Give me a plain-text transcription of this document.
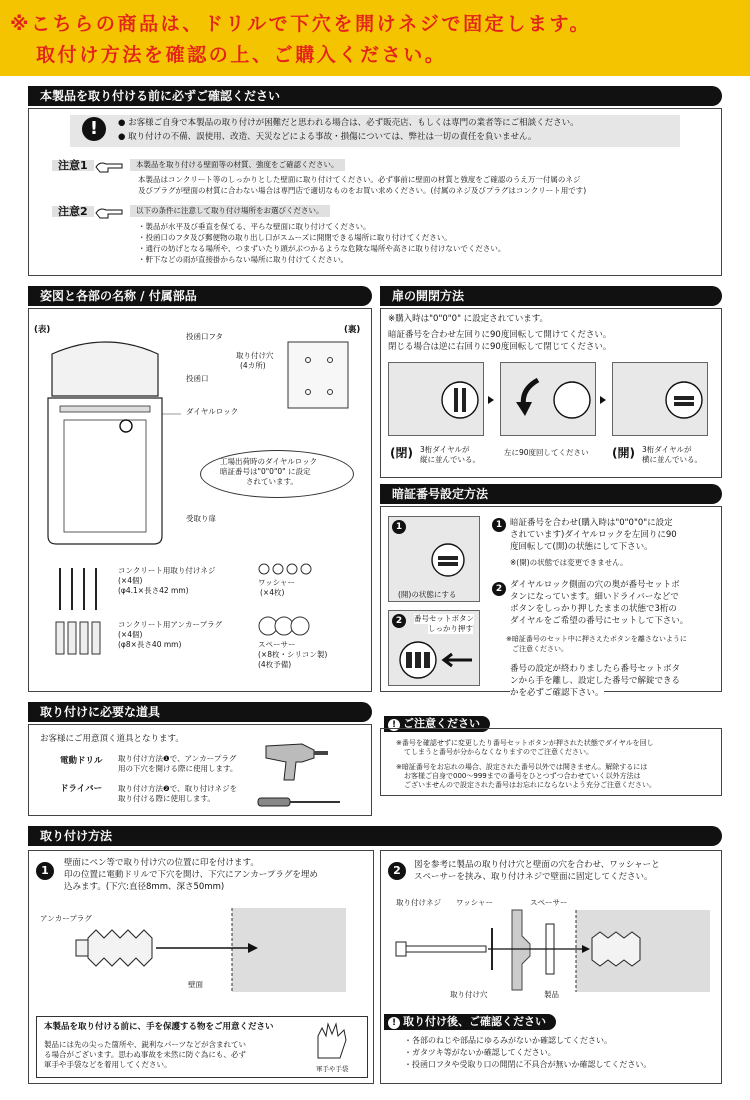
※こちらの商品は、ドリルで下穴を開けネジで固定します。
取付け方法を確認の上、ご購入ください。
本製品を取り付ける前に必ずご確認ください
!	● お客様ご自身で本製品の取り付けが困難だと思われる場合は、必ず販売店、もしくは専門の業者等にご相談ください。
● 取り付けの不備、誤使用、改造、天災などによる事故・損傷については、弊社は一切の責任を負いません。
注意1	本製品を取り付ける壁面等の材質、強度をご確認ください。
本製品はコンクリート等のしっかりとした壁面に取り付けてください。必ず事前に壁面の材質と強度をご確認のうえ万一付属のネジ
及びプラグが壁面の材質に合わない場合は専門店で適切なものをお買い求めください。(付属のネジ及びプラグはコンクリート用です)
注意2	以下の条件に注意して取り付け場所をお選びください。
・製品が水平及び垂直を保てる、平らな壁面に取り付けてください。
・投函口のフタ及び郵便物の取り出し口がスムーズに開閉できる場所に取り付けてください。
・通行の妨げとなる場所や、つまずいたり頭がぶつかるような危険な場所や高さに取り付けないでください。
・軒下などの雨が直接掛からない場所に取り付けてください。
姿図と各部の名称 / 付属部品
(表)	(裏)
投函口フタ
投函口
ダイヤルロック
受取り扉
取り付け穴
(4カ所)
工場出荷時のダイヤルロック
暗証番号は"0"0"0" に設定
されています。
コンクリート用取り付けネジ
(×4個)
(φ4.1×長さ42 mm)
ワッシャー
(×4枚)
コンクリート用アンカープラグ
(×4個)
(φ8×長さ40 mm)	スペーサー
(×8枚・シリコン製)
(4枚予備)
扉の開閉方法
※購入時は"0"0"0" に設定されています。
暗証番号を合わせ左回りに90度回転して開けてください。
閉じる場合は逆に右回りに90度回転して閉じてください。
(閉) 3桁ダイヤルが
縦に並んでいる。
左に90度回してください (開) 3桁ダイヤルが
横に並んでいる。
暗証番号設定方法
1
(開)の状態にする
2	番号セットボタン
しっかり押す
1 暗証番号を合わせ(購入時は"0"0"0"に設定
されています)ダイヤルロックを左回りに90
度回転して(開)の状態にして下さい。
※(開)の状態では変更できません。
2 ダイヤルロック側面の穴の奥が番号セットボ
タンになっています。細いドライバーなどで
ボタンをしっかり押したままの状態で3桁の
ダイヤルをご希望の番号にセットして下さい。
※暗証番号のセット中に押さえたボタンを離さないように
ご注意ください。
番号の設定が終わりましたら番号セットボタ
ンから手を離し、設定した番号で解錠できる
かを必ずご確認下さい。
! ご注意ください
※番号を確認せずに変更したり番号セットボタンが押された状態でダイヤルを回し
てしまうと番号が分からなくなりますのでご注意ください。
※暗証番号をお忘れの場合、設定された番号以外では開きません。解除するには
お客様ご自身で000〜999までの番号をひとつずつ合わせていく以外方法は
ございませんので設定された番号はお忘れにならないよう充分ご注意ください。
取り付けに必要な道具
お客様にご用意頂く道具となります。
電動ドリル 取り付け方法❶で、アンカープラグ
用の下穴を開ける際に使用します。
ドライバー 取り付け方法❷で、取り付けネジを
取り付ける際に使用します。
取り付け方法
1
壁面にペン等で取り付け穴の位置に印を付けます。
印の位置に電動ドリルで下穴を開け、下穴にアンカープラグを埋め
込みます。(下穴:直径8mm、深さ50mm)
アンカープラグ
壁面
本製品を取り付ける前に、手を保護する物をご用意ください
製品には先の尖った箇所や、鋭利なパーツなどが含まれてい
る場合がございます。思わぬ事故を未然に防ぐ為にも、必ず
軍手や手袋などを着用してください。	軍手や手袋
2	図を参考に製品の取り付け穴と壁面の穴を合わせ、ワッシャーと
スペーサーを挟み、取り付けネジで壁面に固定してください。
取り付けネジ ワッシャー	スペーサー
取り付け穴	製品
! 取り付け後、ご確認ください
・各部のねじや部品にゆるみがないか確認してください。
・ガタツキ等がないか確認してください。
・投函口フタや受取り口の開閉に不具合が無いか確認してください。
